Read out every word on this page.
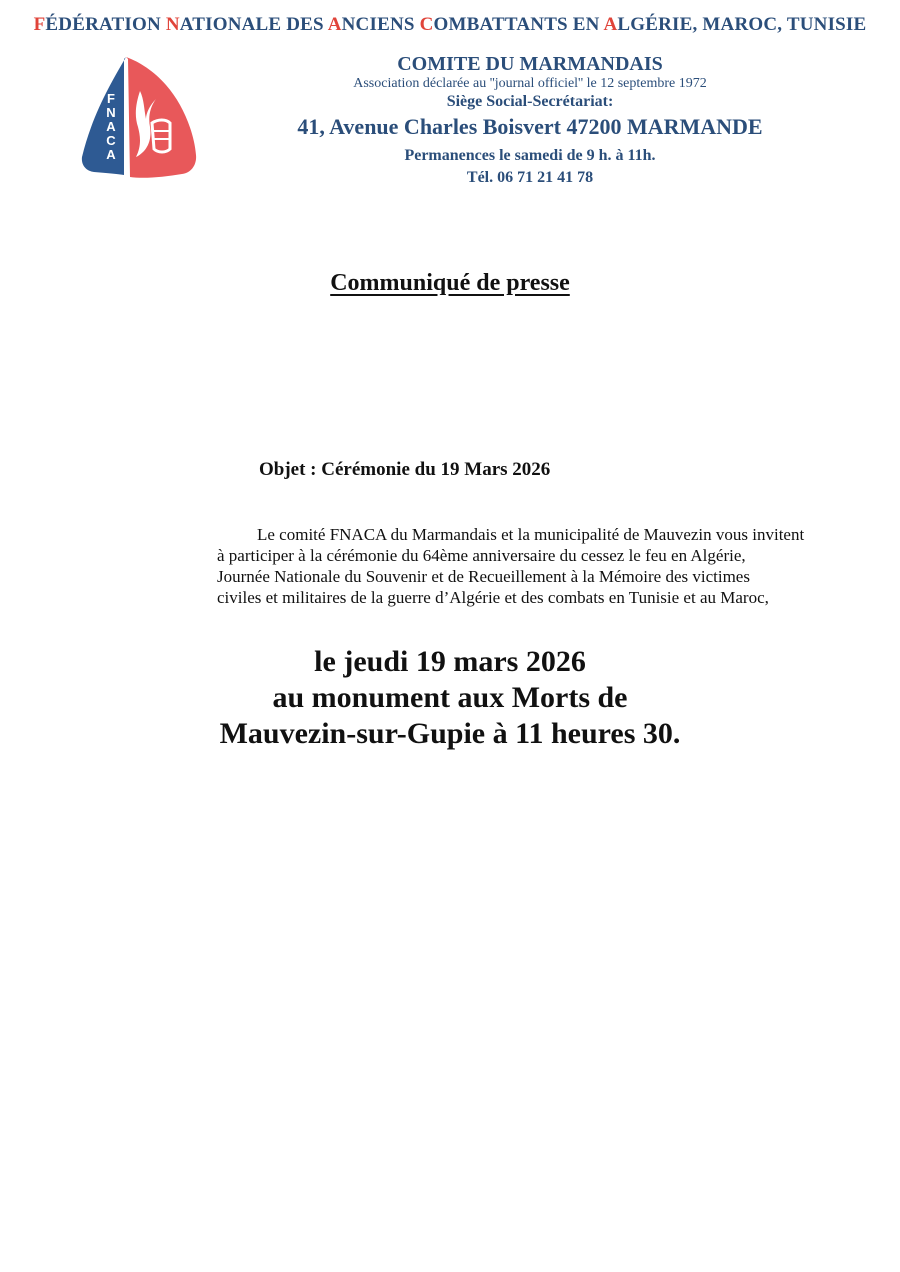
FÉDÉRATION NATIONALE DES ANCIENS COMBATTANTS EN ALGÉRIE, MAROC, TUNISIE
F
N
A
C
A
COMITE DU MARMANDAIS
Association déclarée au ''journal officiel'' le 12 septembre 1972
Siège Social-Secrétariat:
41, Avenue Charles Boisvert 47200 MARMANDE
Permanences le samedi de 9 h. à 11h.
Tél. 06 71 21 41 78
Communiqué de presse
Objet : Cérémonie du 19 Mars 2026

Le comité FNACA du Marmandais et la municipalité de Mauvezin vous invitent

à participer à la cérémonie du 64ème anniversaire du cessez le feu en Algérie,

Journée Nationale du Souvenir et de Recueillement à la Mémoire des victimes

civiles et militaires de la guerre d’Algérie et des combats en Tunisie et au Maroc,

le jeudi 19 mars 2026
au monument aux Morts de
Mauvezin-sur-Gupie à 11 heures 30.
